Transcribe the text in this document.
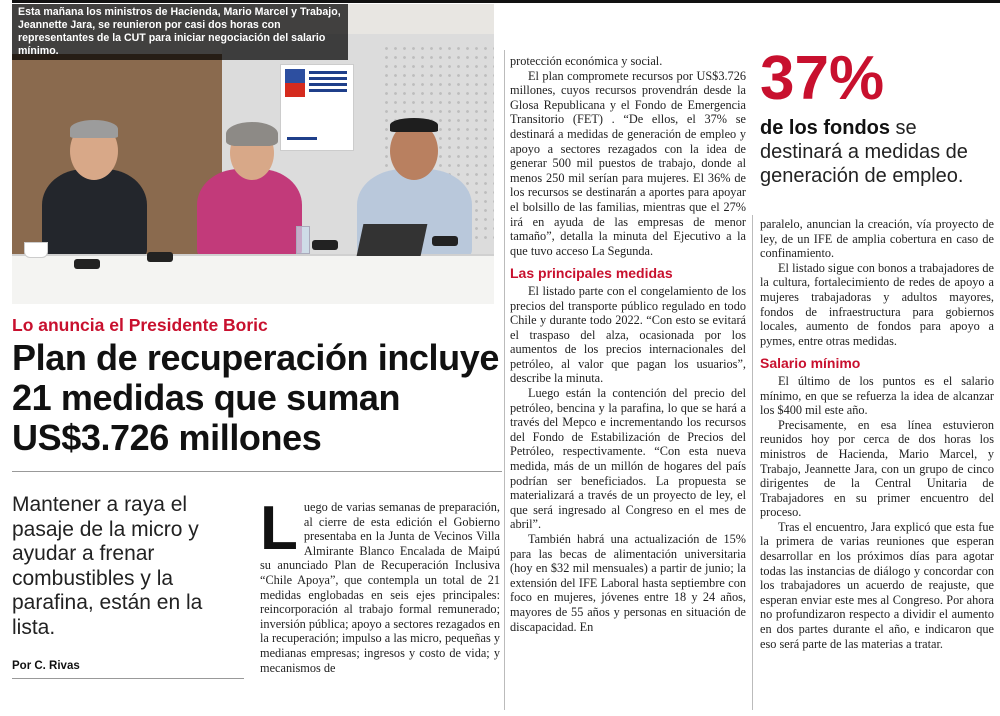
Esta mañana los ministros de Hacienda, Mario Marcel y Trabajo, Jeannette Jara, se reunieron por casi dos horas con representantes de la CUT para iniciar negociación del salario mínimo.

Lo anuncia el Presidente Boric

Plan de recuperación incluye 21 medidas que suman US$3.726 millones

Mantener a raya el pasaje de la micro y ayudar a frenar combustibles y la parafina, están en la lista.

Por C. Rivas

Luego de varias semanas de preparación, al cierre de esta edición el Gobierno presentaba en la Junta de Vecinos Villa Almirante Blanco Encalada de Maipú su anunciado Plan de Recuperación Inclusiva “Chile Apoya”, que contempla un total de 21 medidas englobadas en seis ejes principales: reincorporación al trabajo formal remunerado; inversión pública; apoyo a sectores rezagados en la recuperación; impulso a las micro, pequeñas y medianas empresas; ingresos y costo de vida; y mecanismos de

protección económica y social.

El plan compromete recursos por US$3.726 millones, cuyos recursos provendrán desde la Glosa Republicana y el Fondo de Emergencia Transitorio (FET) . “De ellos, el 37% se destinará a medidas de generación de empleo y apoyo a sectores rezagados con la idea de generar 500 mil puestos de trabajo, donde al menos 250 mil serían para mujeres. El 36% de los recursos se destinarán a aportes para apoyar el bolsillo de las familias, mientras que el 27% irá en ayuda de las empresas de menor tamaño”, detalla la minuta del Ejecutivo a la que tuvo acceso La Segunda.

Las principales medidas

El listado parte con el congelamiento de los precios del transporte público regulado en todo Chile y durante todo 2022. “Con esto se evitará el traspaso del alza, ocasionada por los aumentos de los precios internacionales del petróleo, al valor que pagan los usuarios”, describe la minuta.

Luego están la contención del precio del petróleo, bencina y la parafina, lo que se hará a través del Mepco e incrementando los recursos del Fondo de Estabilización de Precios del Petróleo, respectivamente. “Con esta nueva medida, más de un millón de hogares del país podrían ser beneficiados. La propuesta se materializará a través de un proyecto de ley, el que será ingresado al Congreso en el mes de abril”.

También habrá una actualización de 15% para las becas de alimentación universitaria (hoy en $32 mil mensuales) a partir de junio; la extensión del IFE Laboral hasta septiembre con foco en mujeres, jóvenes entre 18 y 24 años, mayores de 55 años y personas en situación de discapacidad. En

37%

de los fondos se destinará a medidas de generación de empleo.

paralelo, anuncian la creación, vía proyecto de ley, de un IFE de amplia cobertura en caso de confinamiento.

El listado sigue con bonos a trabajadores de la cultura, fortalecimiento de redes de apoyo a mujeres trabajadoras y adultos mayores, fondos de infraestructura para gobiernos locales, aumento de fondos para apoyo a pymes, entre otras medidas.

Salario mínimo

El último de los puntos es el salario mínimo, en que se refuerza la idea de alcanzar los $400 mil este año.

Precisamente, en esa línea estuvieron reunidos hoy por cerca de dos horas los ministros de Hacienda, Mario Marcel, y Trabajo, Jeannette Jara, con un grupo de cinco dirigentes de la Central Unitaria de Trabajadores en su primer encuentro del proceso.

Tras el encuentro, Jara explicó que esta fue la primera de varias reuniones que esperan desarrollar en los próximos días para agotar todas las instancias de diálogo y concordar con los trabajadores un acuerdo de reajuste, que esperan enviar este mes al Congreso. Por ahora no profundizaron respecto a dividir el aumento en dos partes durante el año, e indicaron que eso será parte de las materias a tratar.
